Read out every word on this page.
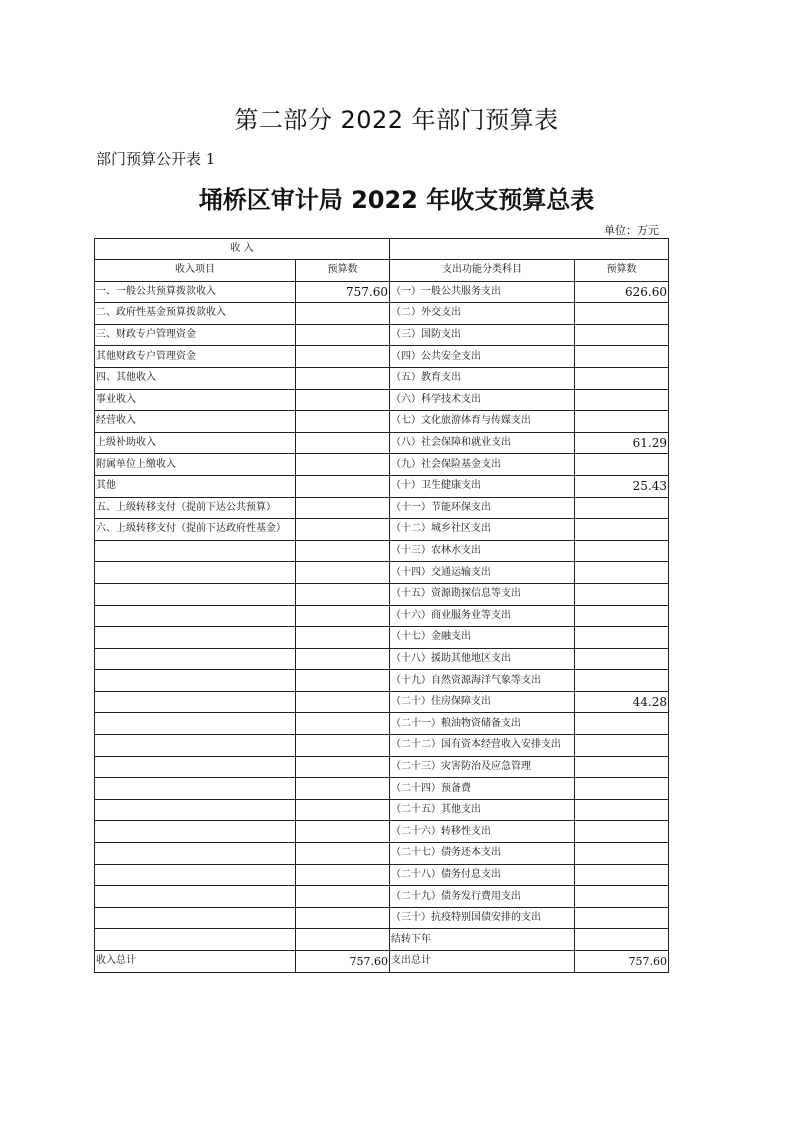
第二部分 2022 年部门预算表
部门预算公开表 1
埇桥区审计局 2022 年收支预算总表
单位：万元
收 入			
收入项目	预算数	支出功能分类科目	预算数
一、一般公共预算拨款收入	757.60	（一）一般公共服务支出	626.60
二、政府性基金预算拨款收入		（二）外交支出	
三、财政专户管理资金		（三）国防支出	
其他财政专户管理资金		（四）公共安全支出	
四、其他收入		（五）教育支出	
事业收入		（六）科学技术支出	
经营收入		（七）文化旅游体育与传媒支出	
上级补助收入		（八）社会保障和就业支出	61.29
附属单位上缴收入		（九）社会保险基金支出	
其他		（十）卫生健康支出	25.43
五、上级转移支付（提前下达公共预算）		（十一）节能环保支出	
六、上级转移支付（提前下达政府性基金）		（十二）城乡社区支出	
		（十三）农林水支出	
		（十四）交通运输支出	
		（十五）资源勘探信息等支出	
		（十六）商业服务业等支出	
		（十七）金融支出	
		（十八）援助其他地区支出	
		（十九）自然资源海洋气象等支出	
		（二十）住房保障支出	44.28
		（二十一）粮油物资储备支出	
		（二十二）国有资本经营收入安排支出	
		（二十三）灾害防治及应急管理	
		（二十四）预备费	
		（二十五）其他支出	
		（二十六）转移性支出	
		（二十七）债务还本支出	
		（二十八）债务付息支出	
		（二十九）债务发行费用支出	
		（三十）抗疫特别国债安排的支出	
		结转下年	
收入总计	757.60	支出总计	757.60
